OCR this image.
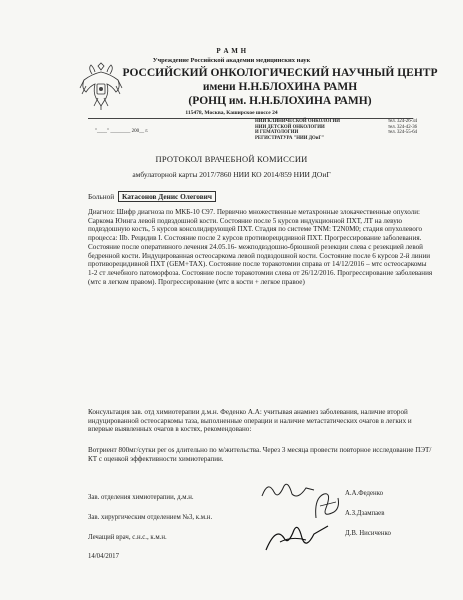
Р А М Н
Учреждение Российской академии медицинских наук
РОССИЙСКИЙ ОНКОЛОГИЧЕСКИЙ НАУЧНЫЙ ЦЕНТР
имени Н.Н.БЛОХИНА РАМН
(РОНЦ им. Н.Н.БЛОХИНА РАМН)
115478, Москва, Каширское шоссе 24
НИИ КЛИНИЧЕСКОЙ ОНКОЛОГИИ
НИИ ДЕТСКОЙ ОНКОЛОГИИ
И ГЕМАТОЛОГИИ
РЕГИСТРАТУРА "НИИ ДОиГ"
тел. 324-26-34
тел. 324-42-36
тел. 324-55-64
"____" ________ 200__ г.
ПРОТОКОЛ ВРАЧЕБНОЙ КОМИССИИ
амбулаторной карты 2017/7860 НИИ КО 2014/859 НИИ ДОиГ
Больной Катасонов Денис Олегович
Диагноз: Шифр диагноза по МКБ-10 С97. Первично множественные метахронные злокачественные опухоли: Саркома Юинга левой подвздошной кости. Состояние после 5 курсов индукционной ПХТ, ЛТ на левую подвздошную кость, 5 курсов консолидирующей ПХТ. Стадия по системе TNM: T2N0M0; стадия опухолевого процесса: IIb. Рецидив I. Состояние после 2 курсов противорецидивной ПХТ. Прогрессирование заболевания. Состояние после оперативного лечения 24.05.16- межподвздошно-брюшной резекции слева с резекцией левой бедренной кости. Индуцированная остеосаркома левой подвздошной кости. Состояние после 6 курсов 2-й линии противорецидивной ПХТ (GEM+TAX). Состояние после торакотомии справа от 14/12/2016 – мтс остеосаркомы 1-2 ст лечебного патоморфоза. Состояние после торакотомии слева от 26/12/2016. Прогрессирование заболевания (мтс в легком правом). Прогрессирование (мтс в кости + легкое правое)
Консультация зав. отд химиотерапии д.м.н. Феденко А.А: учитывая анамнез заболевания, наличие второй индуцированной остеосаркомы таза, выполненные операции и наличие метастатических очагов в легких и впервые выявленных очагов в костях, рекомендовано:
Вотриент 800мг/сутки per os длительно по м/жительства. Через 3 месяца провести повторное исследование ПЭТ/КТ с оценкой эффективности химиотерапии.
Зав. отделения химиотерапии, д.м.н.
А.А.Феденко
Зав. хирургическим отделением №3, к.м.н.
А.З.Дзампаев
Лечащий врач, с.н.с., к.м.н.
Д.В. Нисиченко
14/04/2017
